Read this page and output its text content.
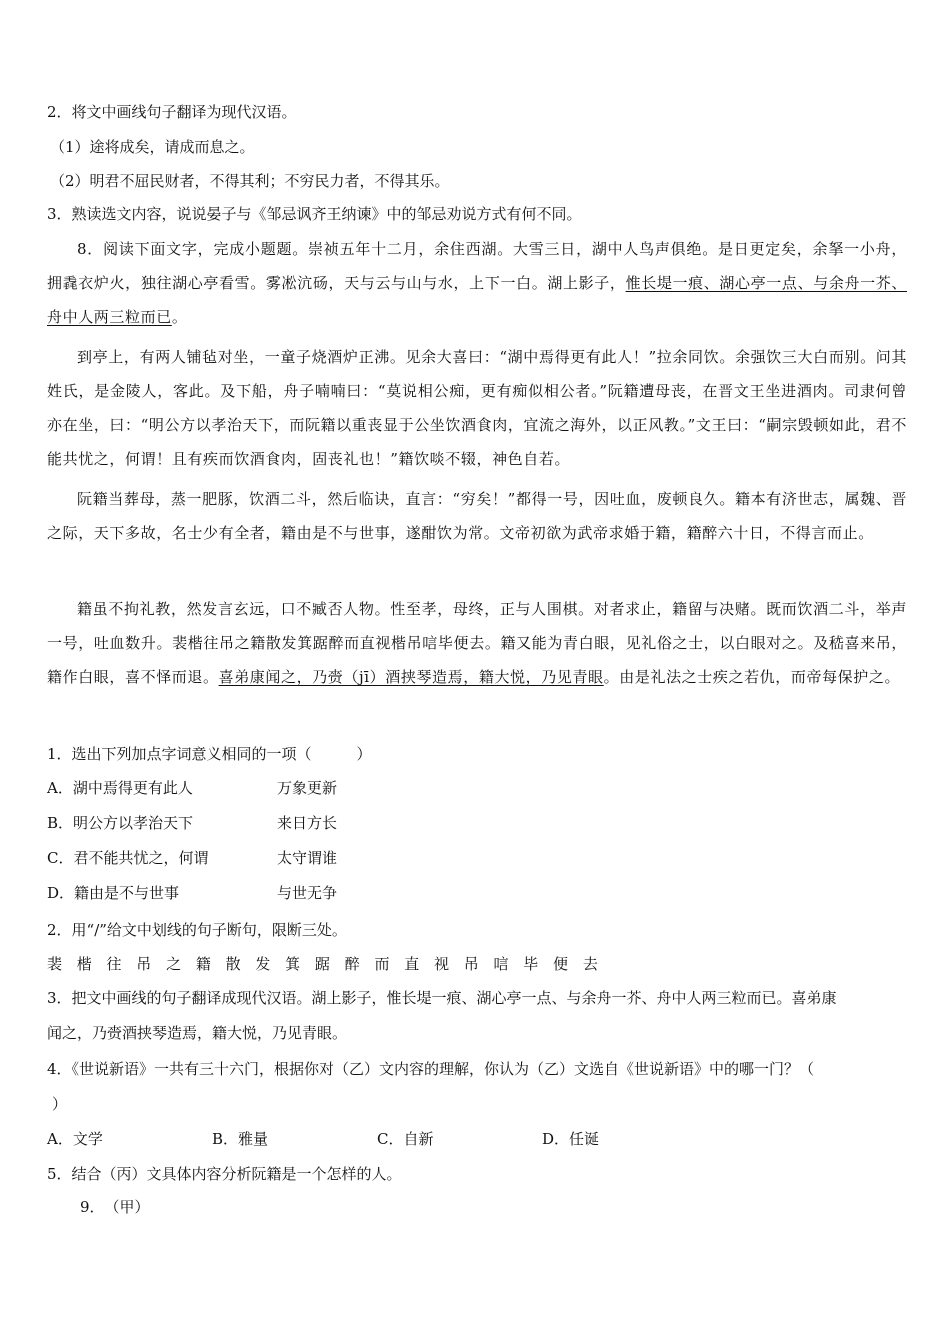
2．将文中画线句子翻译为现代汉语。
（1）途将成矣，请成而息之。
（2）明君不屈民财者，不得其利；不穷民力者，不得其乐。
3．熟读选文内容，说说晏子与《邹忌讽齐王纳谏》中的邹忌劝说方式有何不同。
8．阅读下面文字，完成小题题。崇祯五年十二月，余住西湖。大雪三日，湖中人鸟声俱绝。是日更定矣，余拏一小舟，拥毳衣炉火，独往湖心亭看雪。雾凇沆砀，天与云与山与水，上下一白。湖上影子，惟长堤一痕、湖心亭一点、与余舟一芥、舟中人两三粒而已。
到亭上，有两人铺毡对坐，一童子烧酒炉正沸。见余大喜曰：“湖中焉得更有此人！”拉余同饮。余强饮三大白而别。问其姓氏，是金陵人，客此。及下船，舟子喃喃曰：“莫说相公痴，更有痴似相公者。”阮籍遭母丧，在晋文王坐进酒肉。司隶何曾亦在坐，曰：“明公方以孝治天下，而阮籍以重丧显于公坐饮酒食肉，宜流之海外，以正风教。”文王曰：“嗣宗毁顿如此，君不能共忧之，何谓！且有疾而饮酒食肉，固丧礼也！”籍饮啖不辍，神色自若。
阮籍当葬母，蒸一肥豚，饮酒二斗，然后临诀，直言：“穷矣！”都得一号，因吐血，废顿良久。籍本有济世志，属魏、晋之际，天下多故，名士少有全者，籍由是不与世事，遂酣饮为常。文帝初欲为武帝求婚于籍，籍醉六十日，不得言而止。
籍虽不拘礼教，然发言玄远，口不臧否人物。性至孝，母终，正与人围棋。对者求止，籍留与决赌。既而饮酒二斗，举声一号，吐血数升。裴楷往吊之籍散发箕踞醉而直视楷吊唁毕便去。籍又能为青白眼，见礼俗之士，以白眼对之。及嵇喜来吊，籍作白眼，喜不怿而退。喜弟康闻之，乃赍（jī）酒挟琴造焉，籍大悦，乃见青眼。由是礼法之士疾之若仇，而帝每保护之。
1．选出下列加点字词意义相同的一项（　　　）
A．湖中焉得更有此人	万象更新
B．明公方以孝治天下	来日方长
C．君不能共忧之，何谓	太守谓谁
D．籍由是不与世事	与世无争
2．用“/”给文中划线的句子断句，限断三处。
裴 楷 往 吊 之 籍 散 发 箕 踞 醉 而 直 视 吊 唁 毕 便 去
3．把文中画线的句子翻译成现代汉语。湖上影子，惟长堤一痕、湖心亭一点、与余舟一芥、舟中人两三粒而已。喜弟康
闻之，乃赍酒挟琴造焉，籍大悦，乃见青眼。
4．《世说新语》一共有三十六门，根据你对（乙）文内容的理解，你认为（乙）文选自《世说新语》中的哪一门？（
）
A．文学	B．雅量	C．自新	D．任诞
5．结合（丙）文具体内容分析阮籍是一个怎样的人。
9．　（甲）
